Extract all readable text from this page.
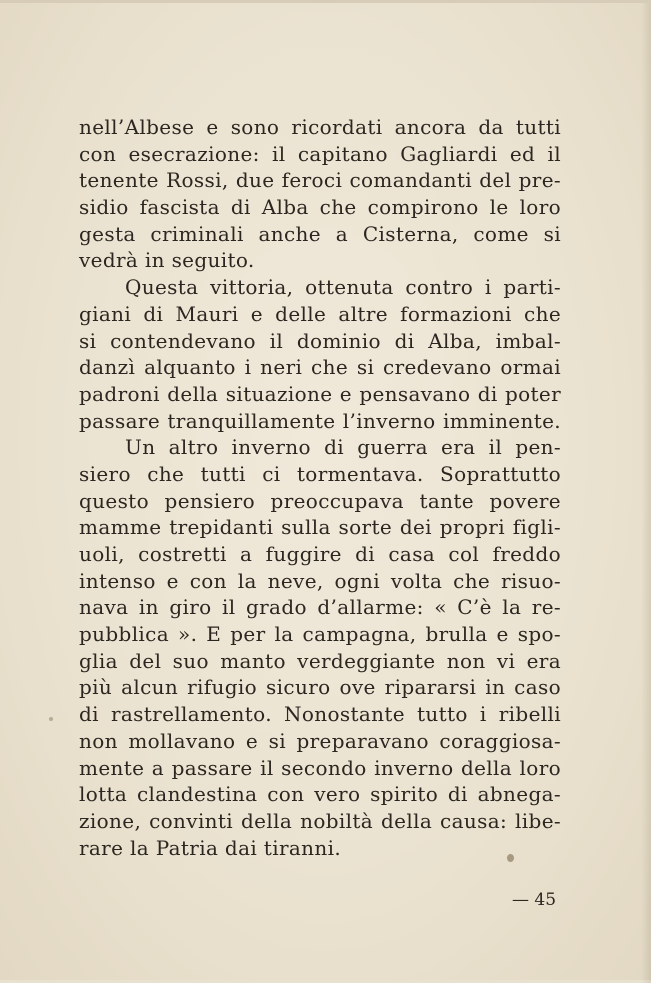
nell’Albese e sono ricordati ancora da tutti
con esecrazione: il capitano Gagliardi ed il
tenente Rossi, due feroci comandanti del pre-
sidio fascista di Alba che compirono le loro
gesta criminali anche a Cisterna, come si
vedrà in seguito.
Questa vittoria, ottenuta contro i parti-
giani di Mauri e delle altre formazioni che
si contendevano il dominio di Alba, imbal-
danzì alquanto i neri che si credevano ormai
padroni della situazione e pensavano di poter
passare tranquillamente l’inverno imminente.
Un altro inverno di guerra era il pen-
siero che tutti ci tormentava. Soprattutto
questo pensiero preoccupava tante povere
mamme trepidanti sulla sorte dei propri figli-
uoli, costretti a fuggire di casa col freddo
intenso e con la neve, ogni volta che risuo-
nava in giro il grado d’allarme: « C’è la re-
pubblica ». E per la campagna, brulla e spo-
glia del suo manto verdeggiante non vi era
più alcun rifugio sicuro ove ripararsi in caso
di rastrellamento. Nonostante tutto i ribelli
non mollavano e si preparavano coraggiosa-
mente a passare il secondo inverno della loro
lotta clandestina con vero spirito di abnega-
zione, convinti della nobiltà della causa: libe-
rare la Patria dai tiranni.
— 45
